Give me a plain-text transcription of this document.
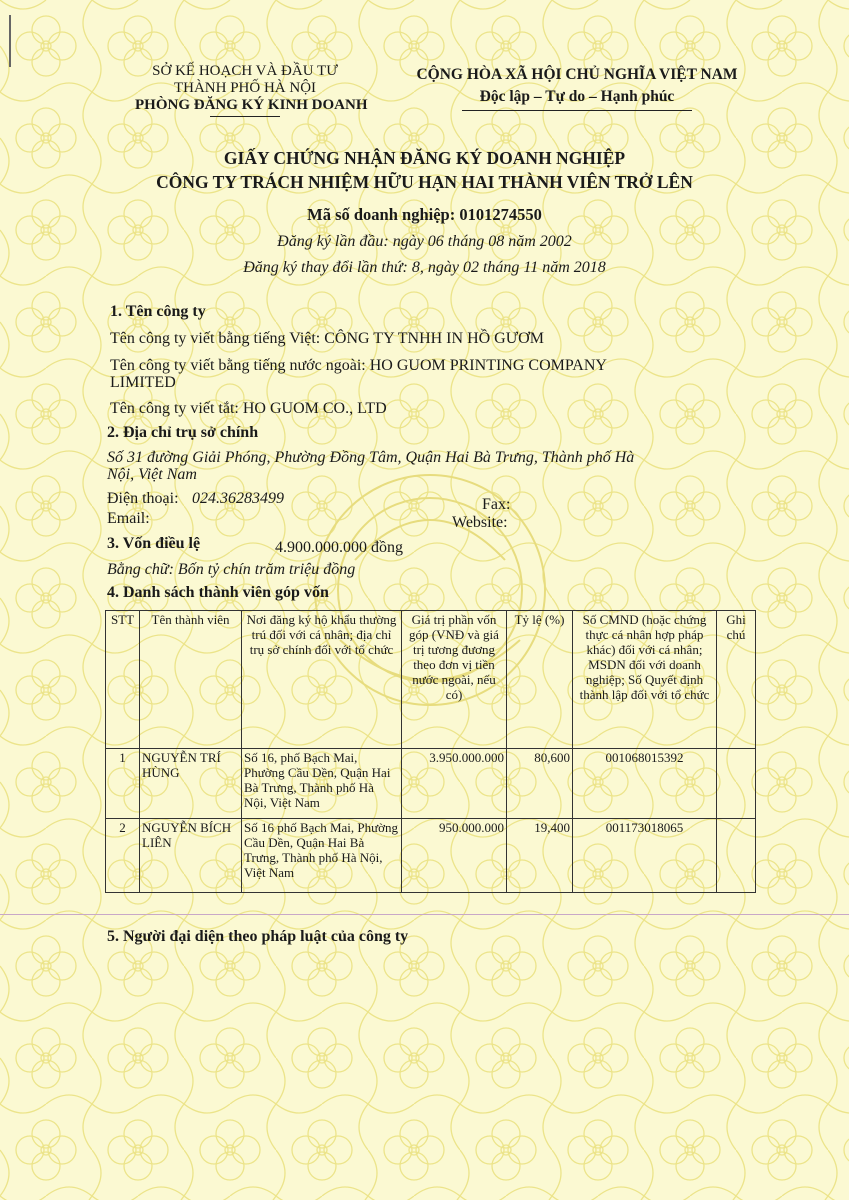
SỞ KẾ HOẠCH VÀ ĐẦU TƯ
THÀNH PHỐ HÀ NỘI
PHÒNG ĐĂNG KÝ KINH DOANH
CỘNG HÒA XÃ HỘI CHỦ NGHĨA VIỆT NAM
Độc lập – Tự do – Hạnh phúc
GIẤY CHỨNG NHẬN ĐĂNG KÝ DOANH NGHIỆP
CÔNG TY TRÁCH NHIỆM HỮU HẠN HAI THÀNH VIÊN TRỞ LÊN
Mã số doanh nghiệp: 0101274550
Đăng ký lần đầu: ngày 06 tháng 08 năm 2002
Đăng ký thay đổi lần thứ: 8, ngày 02 tháng 11 năm 2018
1. Tên công ty
Tên công ty viết bằng tiếng Việt: CÔNG TY TNHH IN HỒ GƯƠM
Tên công ty viết bằng tiếng nước ngoài: HO GUOM PRINTING COMPANY
LIMITED
Tên công ty viết tắt: HO GUOM CO., LTD
2. Địa chỉ trụ sở chính
Số 31 đường Giải Phóng, Phường Đồng Tâm, Quận Hai Bà Trưng, Thành phố Hà
Nội, Việt Nam
Điện thoại: 024.36283499	Fax:
Email:	Website:
3. Vốn điều lệ	4.900.000.000 đồng
Bằng chữ: Bốn tỷ chín trăm triệu đồng
4. Danh sách thành viên góp vốn
STT	Tên thành viên	Nơi đăng ký hộ khẩu thường trú đối với cá nhân; địa chỉ trụ sở chính đối với tổ chức	Giá trị phần vốn góp (VNĐ và giá trị tương đương theo đơn vị tiền nước ngoài, nếu có)	Tỷ lệ (%)	Số CMND (hoặc chứng thực cá nhân hợp pháp khác) đối với cá nhân; MSDN đối với doanh nghiệp; Số Quyết định thành lập đối với tổ chức	Ghi chú
1	NGUYỄN TRÍ HÙNG	Số 16, phố Bạch Mai, Phường Cầu Dền, Quận Hai Bà Trưng, Thành phố Hà Nội, Việt Nam	3.950.000.000	80,600	001068015392	
2	NGUYỄN BÍCH LIÊN	Số 16 phố Bạch Mai, Phường Cầu Dền, Quận Hai Bà Trưng, Thành phố Hà Nội, Việt Nam	950.000.000	19,400	001173018065	
5. Người đại diện theo pháp luật của công ty
